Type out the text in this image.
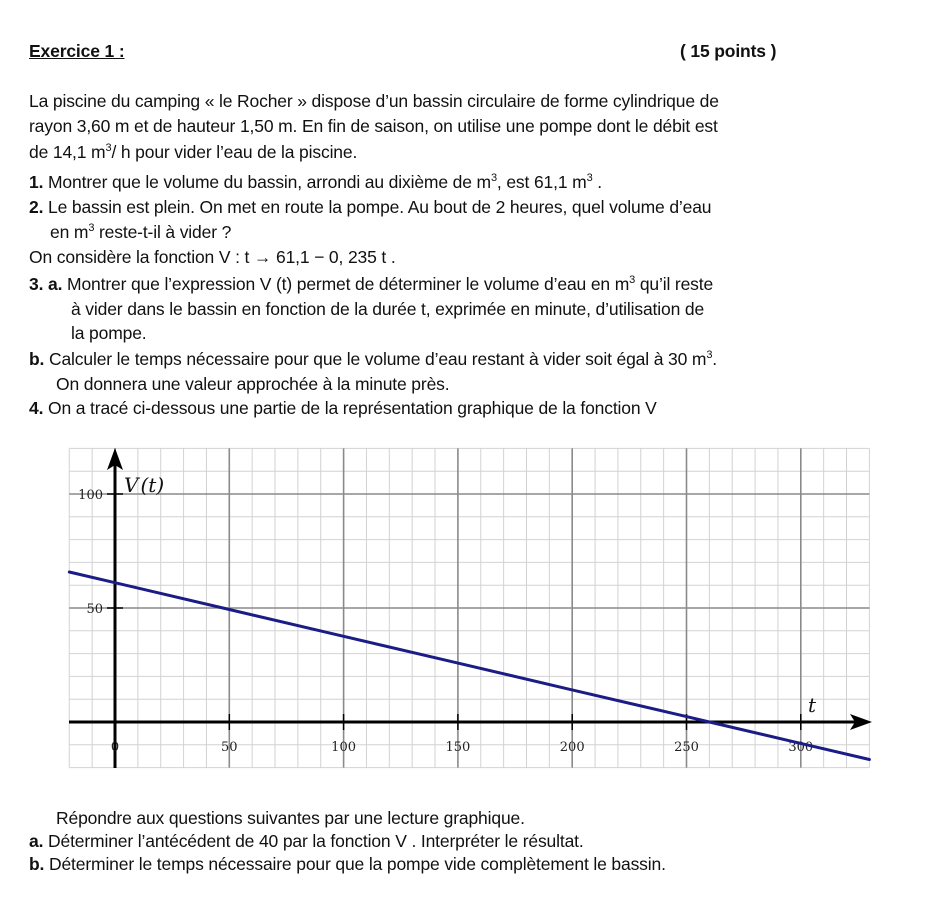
Exercice 1 :	( 15 points )
La piscine du camping « le Rocher » dispose d’un bassin circulaire de forme cylindrique de
rayon 3,60 m et de hauteur 1,50 m. En fin de saison, on utilise une pompe dont le débit est
de 14,1 $m^3/$ h pour vider l’eau de la piscine.
1. Montrer que le volume du bassin, arrondi au dixième de $m^3$, est 61,1 $m^3$ .
2. Le bassin est plein. On met en route la pompe. Au bout de 2 heures, quel volume d’eau
en $m^3$ reste-t-il à vider ?
On considère la fonction V : t → 61,1 − 0, 235 t .
3. a. Montrer que l’expression V (t) permet de déterminer le volume d’eau en $m^3$ qu’il reste
à vider dans le bassin en fonction de la durée t, exprimée en minute, d’utilisation de
la pompe.
b. Calculer le temps nécessaire pour que le volume d’eau restant à vider soit égal à 30 $m^3$.
On donnera une valeur approchée à la minute près.
4. On a tracé ci-dessous une partie de la représentation graphique de la fonction V
0	50	100	150	200	250	300
50
100 V (t)
t
Répondre aux questions suivantes par une lecture graphique.
a. Déterminer l’antécédent de 40 par la fonction V . Interpréter le résultat.
b. Déterminer le temps nécessaire pour que la pompe vide complètement le bassin.
